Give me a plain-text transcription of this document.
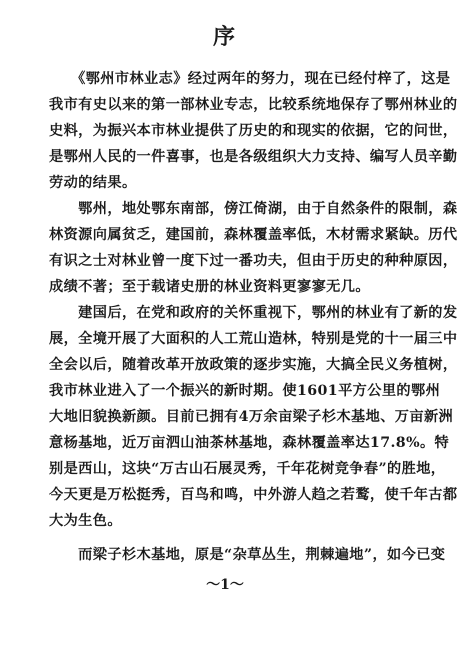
序
　　《鄂州市林业志》经过两年的努力，现在已经付梓了，这是
我市有史以来的第一部林业专志，比较系统地保存了鄂州林业的
史料，为振兴本市林业提供了历史的和现实的依据，它的问世，
是鄂州人民的一件喜事，也是各级组织大力支持、编写人员辛勤
劳动的结果。
　　鄂州，地处鄂东南部，傍江倚湖，由于自然条件的限制，森
林资源向属贫乏，建国前，森林覆盖率低，木材需求紧缺。历代
有识之士对林业曾一度下过一番功夫，但由于历史的种种原因，
成绩不著；至于载诸史册的林业资料更寥寥无几。
　　建国后，在党和政府的关怀重视下，鄂州的林业有了新的发
展，全境开展了大面积的人工荒山造林，特别是党的十一届三中
全会以后，随着改革开放政策的逐步实施，大搞全民义务植树，
我市林业进入了一个振兴的新时期。使1601平方公里的鄂州
大地旧貌换新颜。目前已拥有4万余亩梁子杉木基地、万亩新洲
意杨基地，近万亩泗山油茶林基地，森林覆盖率达17.8%。特
别是西山，这块“万古山石展灵秀，千年花树竞争春”的胜地，
今天更是万松挺秀，百鸟和鸣，中外游人趋之若鹜，使千年古都
大为生色。
　　而梁子杉木基地，原是“杂草丛生，荆棘遍地”，如今已变
～1～
